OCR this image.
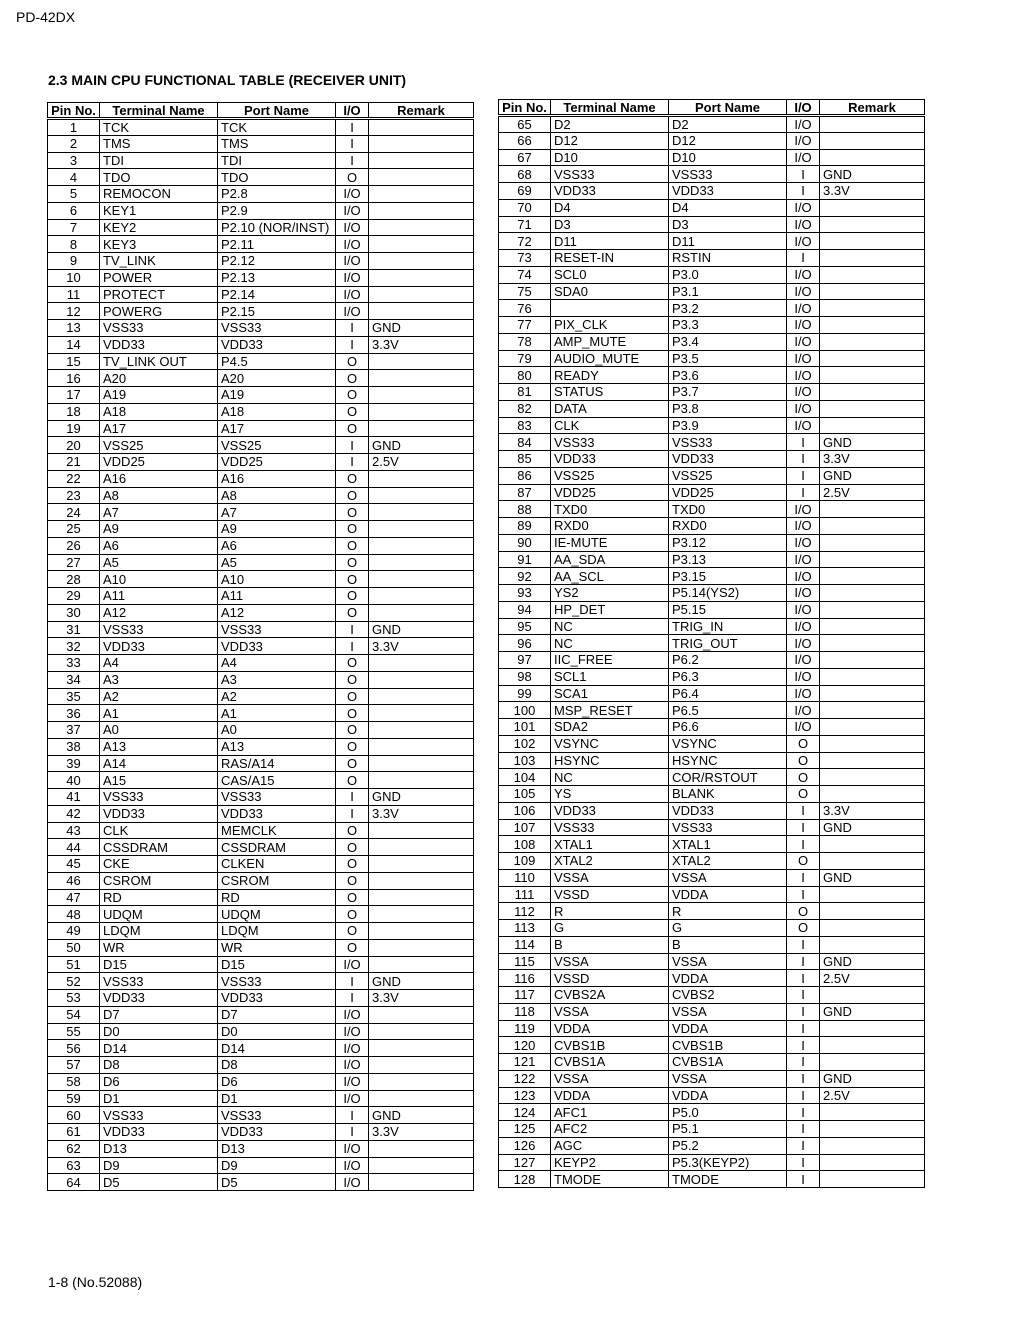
PD-42DX
2.3 MAIN CPU FUNCTIONAL TABLE (RECEIVER UNIT)
Pin No.	Terminal Name	Port Name	I/O	Remark
1	TCK	TCK	I	
2	TMS	TMS	I	
3	TDI	TDI	I	
4	TDO	TDO	O	
5	REMOCON	P2.8	I/O	
6	KEY1	P2.9	I/O	
7	KEY2	P2.10 (NOR/INST)	I/O	
8	KEY3	P2.11	I/O	
9	TV_LINK	P2.12	I/O	
10	POWER	P2.13	I/O	
11	PROTECT	P2.14	I/O	
12	POWERG	P2.15	I/O	
13	VSS33	VSS33	I	GND
14	VDD33	VDD33	I	3.3V
15	TV_LINK OUT	P4.5	O	
16	A20	A20	O	
17	A19	A19	O	
18	A18	A18	O	
19	A17	A17	O	
20	VSS25	VSS25	I	GND
21	VDD25	VDD25	I	2.5V
22	A16	A16	O	
23	A8	A8	O	
24	A7	A7	O	
25	A9	A9	O	
26	A6	A6	O	
27	A5	A5	O	
28	A10	A10	O	
29	A11	A11	O	
30	A12	A12	O	
31	VSS33	VSS33	I	GND
32	VDD33	VDD33	I	3.3V
33	A4	A4	O	
34	A3	A3	O	
35	A2	A2	O	
36	A1	A1	O	
37	A0	A0	O	
38	A13	A13	O	
39	A14	RAS/A14	O	
40	A15	CAS/A15	O	
41	VSS33	VSS33	I	GND
42	VDD33	VDD33	I	3.3V
43	CLK	MEMCLK	O	
44	CSSDRAM	CSSDRAM	O	
45	CKE	CLKEN	O	
46	CSROM	CSROM	O	
47	RD	RD	O	
48	UDQM	UDQM	O	
49	LDQM	LDQM	O	
50	WR	WR	O	
51	D15	D15	I/O	
52	VSS33	VSS33	I	GND
53	VDD33	VDD33	I	3.3V
54	D7	D7	I/O	
55	D0	D0	I/O	
56	D14	D14	I/O	
57	D8	D8	I/O	
58	D6	D6	I/O	
59	D1	D1	I/O	
60	VSS33	VSS33	I	GND
61	VDD33	VDD33	I	3.3V
62	D13	D13	I/O	
63	D9	D9	I/O	
64	D5	D5	I/O	
Pin No.	Terminal Name	Port Name	I/O	Remark
65	D2	D2	I/O	
66	D12	D12	I/O	
67	D10	D10	I/O	
68	VSS33	VSS33	I	GND
69	VDD33	VDD33	I	3.3V
70	D4	D4	I/O	
71	D3	D3	I/O	
72	D11	D11	I/O	
73	RESET-IN	RSTIN	I	
74	SCL0	P3.0	I/O	
75	SDA0	P3.1	I/O	
76		P3.2	I/O	
77	PIX_CLK	P3.3	I/O	
78	AMP_MUTE	P3.4	I/O	
79	AUDIO_MUTE	P3.5	I/O	
80	READY	P3.6	I/O	
81	STATUS	P3.7	I/O	
82	DATA	P3.8	I/O	
83	CLK	P3.9	I/O	
84	VSS33	VSS33	I	GND
85	VDD33	VDD33	I	3.3V
86	VSS25	VSS25	I	GND
87	VDD25	VDD25	I	2.5V
88	TXD0	TXD0	I/O	
89	RXD0	RXD0	I/O	
90	IE-MUTE	P3.12	I/O	
91	AA_SDA	P3.13	I/O	
92	AA_SCL	P3.15	I/O	
93	YS2	P5.14(YS2)	I/O	
94	HP_DET	P5.15	I/O	
95	NC	TRIG_IN	I/O	
96	NC	TRIG_OUT	I/O	
97	IIC_FREE	P6.2	I/O	
98	SCL1	P6.3	I/O	
99	SCA1	P6.4	I/O	
100	MSP_RESET	P6.5	I/O	
101	SDA2	P6.6	I/O	
102	VSYNC	VSYNC	O	
103	HSYNC	HSYNC	O	
104	NC	COR/RSTOUT	O	
105	YS	BLANK	O	
106	VDD33	VDD33	I	3.3V
107	VSS33	VSS33	I	GND
108	XTAL1	XTAL1	I	
109	XTAL2	XTAL2	O	
110	VSSA	VSSA	I	GND
111	VSSD	VDDA	I	
112	R	R	O	
113	G	G	O	
114	B	B	I	
115	VSSA	VSSA	I	GND
116	VSSD	VDDA	I	2.5V
117	CVBS2A	CVBS2	I	
118	VSSA	VSSA	I	GND
119	VDDA	VDDA	I	
120	CVBS1B	CVBS1B	I	
121	CVBS1A	CVBS1A	I	
122	VSSA	VSSA	I	GND
123	VDDA	VDDA	I	2.5V
124	AFC1	P5.0	I	
125	AFC2	P5.1	I	
126	AGC	P5.2	I	
127	KEYP2	P5.3(KEYP2)	I	
128	TMODE	TMODE	I	
1-8 (No.52088)
